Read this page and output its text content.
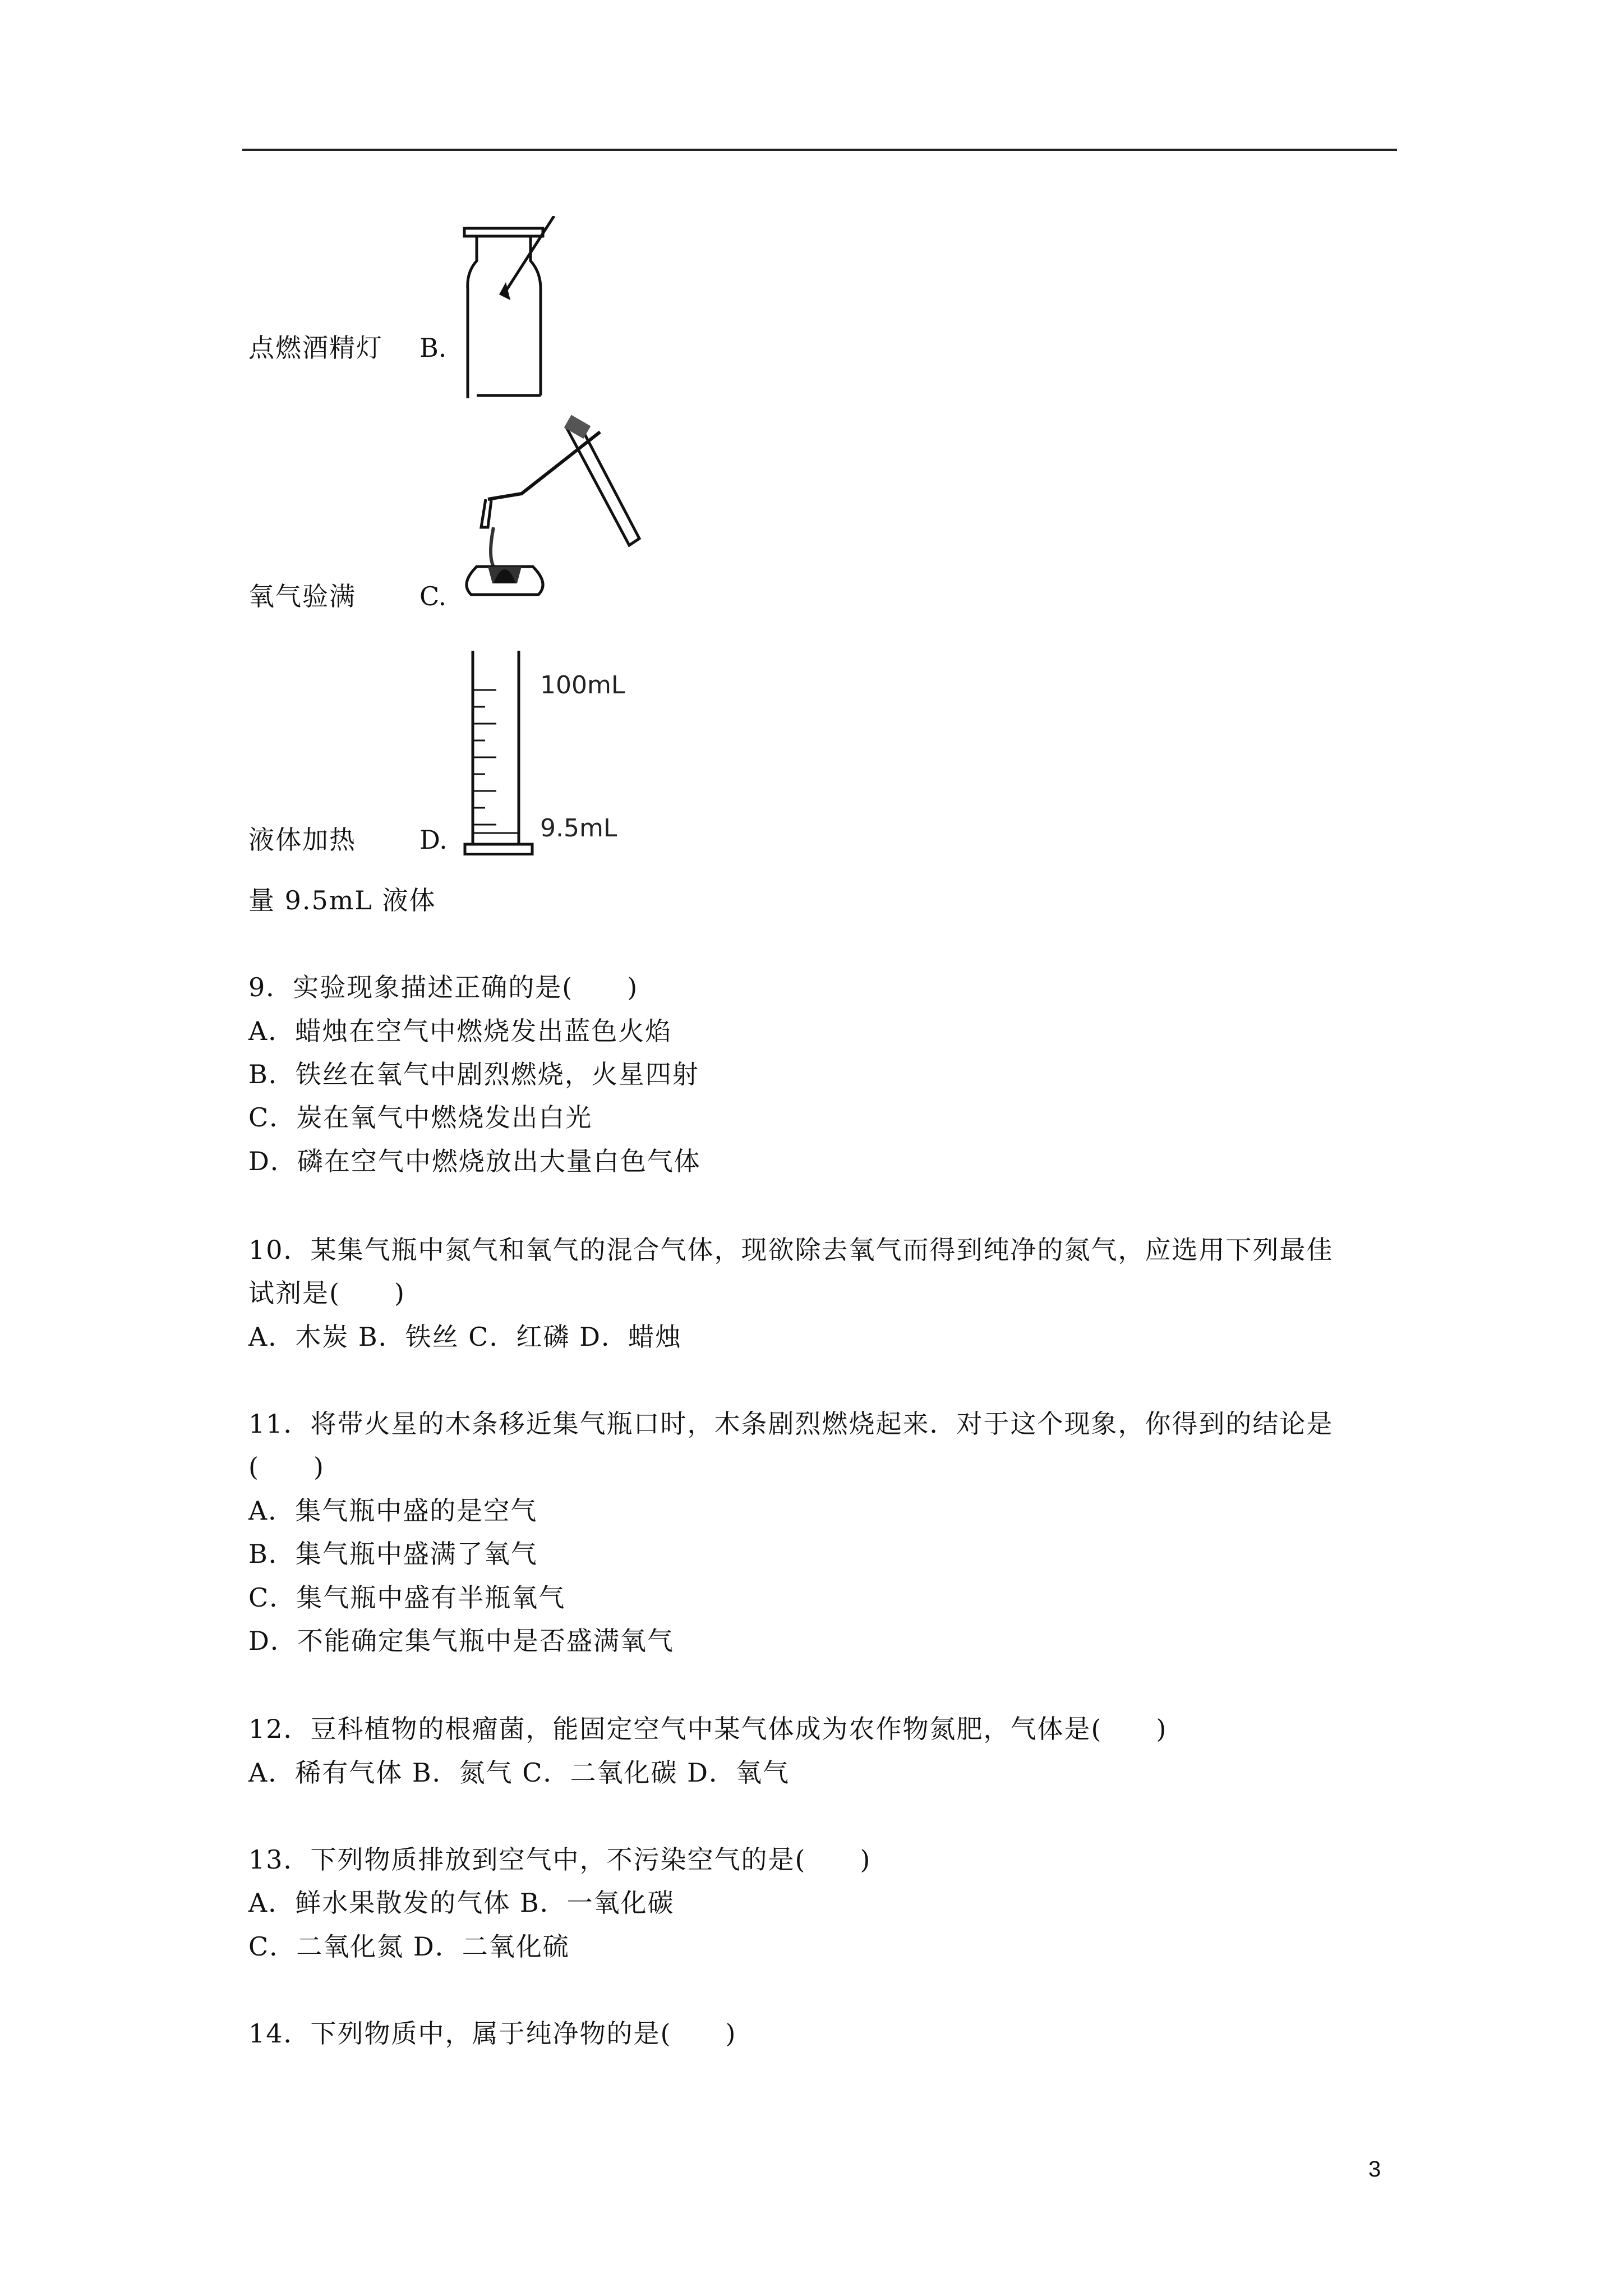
点燃酒精灯 B.
氧气验满 C.
100mL
9.5mL
液体加热 D.
量 9.5mL 液体
9．实验现象描述正确的是(　　)
A．蜡烛在空气中燃烧发出蓝色火焰
B．铁丝在氧气中剧烈燃烧，火星四射
C．炭在氧气中燃烧发出白光
D．磷在空气中燃烧放出大量白色气体
10．某集气瓶中氮气和氧气的混合气体，现欲除去氧气而得到纯净的氮气，应选用下列最佳
试剂是(　　)
A．木炭 B．铁丝 C．红磷 D．蜡烛
11．将带火星的木条移近集气瓶口时，木条剧烈燃烧起来．对于这个现象，你得到的结论是
(　　)
A．集气瓶中盛的是空气
B．集气瓶中盛满了氧气
C．集气瓶中盛有半瓶氧气
D．不能确定集气瓶中是否盛满氧气
12．豆科植物的根瘤菌，能固定空气中某气体成为农作物氮肥，气体是(　　)
A．稀有气体 B．氮气 C．二氧化碳 D．氧气
13．下列物质排放到空气中，不污染空气的是(　　)
A．鲜水果散发的气体 B．一氧化碳
C．二氧化氮 D．二氧化硫
14．下列物质中，属于纯净物的是(　　)
3
